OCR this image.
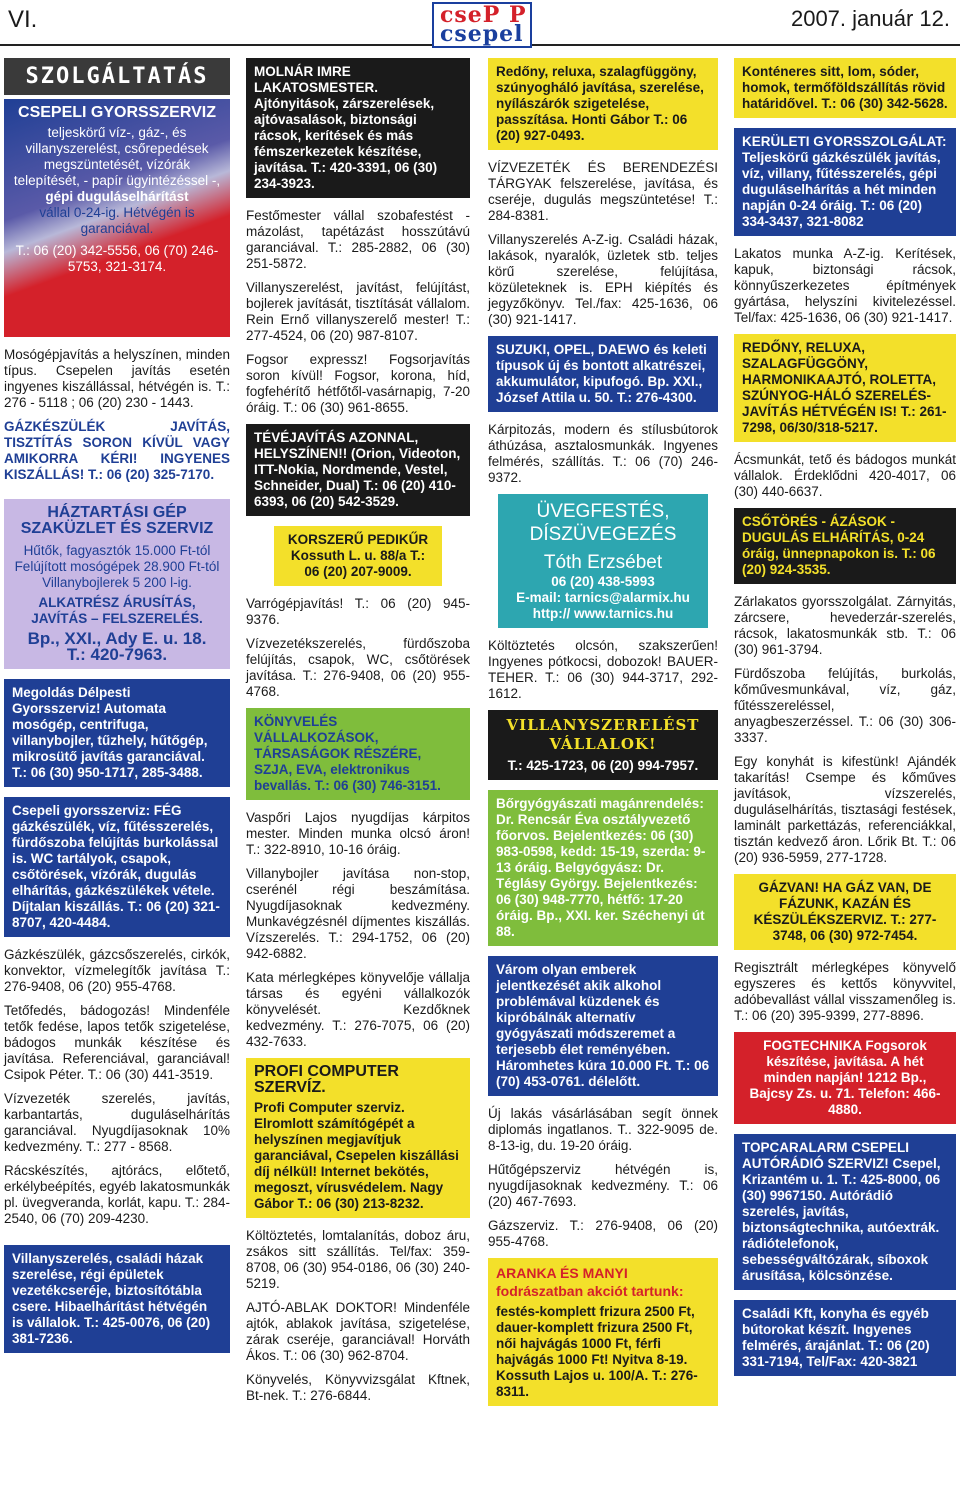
VI.	cseP P
csepel
2007. január 12.
SZOLGÁLTATÁS
CSEPELI GYORSSZERVIZ
teljeskörű víz-, gáz-, és villanyszerelést, csőrepedések megszüntetését, vízórák telepítését, - papír ügyintézéssel -,
gépi duguláselhárítást
vállal 0-24-ig. Hétvégén is garanciával.
T.: 06 (20) 342-5556, 06 (70) 246-5753, 321-3174.
Mosógépjavítás a helyszínen, minden típus. Csepelen javítás esetén ingyenes kiszállással, hétvégén is. T.: 276 - 5118 ; 06 (20) 230 - 1443.
GÁZKÉSZÜLÉK JAVÍTÁS, TISZTÍTÁS SORON KÍVÜL VAGY AMIKORRA KÉRI! INGYENES KISZÁLLÁS! T.: 06 (20) 325-7170.
HÁZTARTÁSI GÉP SZAKÜZLET ÉS SZERVIZ
Hűtők, fagyasztók 15.000 Ft-tól
Felújított mosógépek 28.900 Ft-tól
Villanybojlerek 5 200 l-ig.
ALKATRÉSZ ÁRUSÍTÁS, JAVÍTÁS – FELSZERELÉS.
Bp., XXI., Ady E. u. 18.
T.: 420-7963.
Megoldás Délpesti Gyorsszerviz! Automata mosógép, centrifuga, villanybojler, tűzhely, hűtőgép, mikrosütő javítás garanciával. T.: 06 (30) 950-1717, 285-3488.
Csepeli gyorsszerviz: FÉG gázkészülék, víz, fűtésszerelés, fürdőszoba felújítás burkolással is. WC tartályok, csapok, csőtörések, vízórák, dugulás elhárítás, gázkészülékek vétele. Díjtalan kiszállás. T.: 06 (20) 321-8707, 420-4484.
Gázkészülék, gázcsőszerelés, cirkók, konvektor, vízmelegítők javítása T.: 276-9408, 06 (20) 955-4768.
Tetőfedés, bádogozás! Mindenféle tetők fedése, lapos tetők szigetelése, bádogos munkák készítése és javítása. Referenciával, garanciával! Csipok Péter. T.: 06 (30) 441-3519.
Vízvezeték szerelés, javítás, karbantartás, duguláselhárítás garanciával. Nyugdíjasoknak 10% kedvezmény. T.: 277 - 8568.
Rácskészítés, ajtórács, előtető, erkélybeépítés, egyéb lakatosmunkák pl. üvegveranda, korlát, kapu. T.: 284-2540, 06 (70) 209-4230.
Villanyszerelés, családi házak szerelése, régi épületek vezetékcseréje, biztosítótábla csere. Hibaelhárítást hétvégén is vállalok. T.: 425-0076, 06 (20) 381-7236.
MOLNÁR IMRE LAKATOSMESTER. Ajtónyitások, zárszerelések, ajtóvasalások, biztonsági rácsok, kerítések és más fémszerkezetek készítése, javítása. T.: 420-3391, 06 (30) 234-3923.
Festőmester vállal szobafestést - mázolást, tapétázást hosszútávú garanciával. T.: 285-2882, 06 (30) 251-5872.
Villanyszerelést, javítást, felújítást, bojlerek javítását, tisztítását vállalom. Rein Ernő villanyszerelő mester! T.: 277-4524, 06 (20) 987-8107.
Fogsor expressz! Fogsorjavítás soron kívül! Fogsor, korona, híd, fogfehérítő hétfőtől-vasárnapig, 7-20 óráig. T.: 06 (30) 961-8655.
TÉVÉJAVÍTÁS AZONNAL, HELYSZÍNEN!! (Orion, Videoton, ITT-Nokia, Nordmende, Vestel, Schneider, Dual) T.: 06 (20) 410-6393, 06 (20) 542-3529.
KORSZERŰ PEDIKŰR Kossuth L. u. 88/a T.: 06 (20) 207-9009.
Varrógépjavítás! T.: 06 (20) 945-9376.
Vízvezetékszerelés, fürdőszoba felújítás, csapok, WC, csőtörések javítása. T.: 276-9408, 06 (20) 955-4768.
KÖNYVELÉS VÁLLALKOZÁSOK, TÁRSASÁGOK RÉSZÉRE, SZJA, EVA, elektronikus bevallás. T.: 06 (30) 746-3151.
Vaspőri Lajos nyugdíjas kárpitos mester. Minden munka olcsó áron! T.: 322-8910, 10-16 óráig.
Villanybojler javítása non-stop, cserénél régi beszámítása. Nyugdíjasoknak kedvezmény. Munkavégzésnél díjmentes kiszállás. Vízszerelés. T.: 294-1752, 06 (20) 942-6882.
Kata mérlegképes könyvelője vállalja társas és egyéni vállalkozók könyvelését. Kezdőknek kedvezmény. T.: 276-7075, 06 (20) 432-7633.
PROFI COMPUTER SZERVÍZ.
Profi Computer szerviz. Elromlott számítógépét a helyszínen megjavítjuk garanciával, Csepelen kiszállási díj nélkül! Internet bekötés, megoszt, vírusvédelem. Nagy Gábor T.: 06 (30) 213-8232.
Költöztetés, lomtalanítás, doboz áru, zsákos sitt szállítás. Tel/fax: 359-8708, 06 (30) 954-0186, 06 (30) 240-5219.
AJTÓ-ABLAK DOKTOR! Mindenféle ajtók, ablakok javítása, szigetelése, zárak cseréje, garanciával! Horváth Ákos. T.: 06 (30) 962-8704.
Könyvelés, Könyvvizsgálat Kftnek, Bt-nek. T.: 276-6844.
Redőny, reluxa, szalagfüggöny, szúnyogháló javítása, szerelése, nyílászárók szigetelése, passzítása. Honti Gábor T.: 06 (20) 927-0493.
VÍZVEZETÉK ÉS BERENDEZÉSI TÁRGYAK felszerelése, javítása, és cseréje, dugulás megszüntetése! T.: 284-8381.
Villanyszerelés A-Z-ig. Családi házak, lakások, nyaralók, üzletek stb. teljes körű szerelése, felújítása, közületeknek is. EPH kiépítés és jegyzőkönyv. Tel./fax: 425-1636, 06 (30) 921-1417.
SUZUKI, OPEL, DAEWO és keleti típusok új és bontott alkatrészei, akkumulátor, kipufogó. Bp. XXI., József Attila u. 50. T.: 276-4300.
Kárpitozás, modern és stílusbútorok áthúzása, asztalosmunkák. Ingyenes felmérés, szállítás. T.: 06 (70) 246-9372.
ÜVEGFESTÉS, DÍSZÜVEGEZÉS
Tóth Erzsébet
06 (20) 438-5993
E-mail: tarnics@alarmix.hu
http:// www.tarnics.hu
Költöztetés olcsón, szakszerűen! Ingyenes pótkocsi, dobozok! BAUER-TEHER. T.: 06 (30) 944-3717, 292-1612.
VILLANYSZERELÉST VÁLLALOK!
T.: 425-1723, 06 (20) 994-7957.
Bőrgyógyászati magánrendelés: Dr. Rencsár Éva osztályvezető főorvos. Bejelentkezés: 06 (30) 983-0598, kedd: 15-19, szerda: 9-13 óráig. Belgyógyász: Dr. Téglásy György. Bejelentkezés: 06 (30) 948-7770, hétfő: 17-20 óráig. Bp., XXI. ker. Széchenyi út 88.
Várom olyan emberek jelentkezését akik alkohol problémával küzdenek és kipróbálnák alternatív gyógyászati módszeremet a terjesebb élet reményében. Háromhetes kúra 10.000 Ft. T.: 06 (70) 453-0761. délelőtt.
Új lakás vásárlásában segít önnek diplomás ingatlanos. T.. 322-9095 de. 8-13-ig, du. 19-20 óráig.
Hűtőgépszerviz hétvégén is, nyugdíjasoknak kedvezmény. T.: 06 (20) 467-7693.
Gázszerviz. T.: 276-9408, 06 (20) 955-4768.
ARANKA ÉS MANYI fodrászatban akciót tartunk:
festés-komplett frizura 2500 Ft, dauer-komplett frizura 2500 Ft, női hajvágás 1000 Ft, férfi hajvágás 1000 Ft! Nyitva 8-19. Kossuth Lajos u. 100/A. T.: 276-8311.
Konténeres sitt, lom, sóder, homok, termőföldszállítás rövid határidővel. T.: 06 (30) 342-5628.
KERÜLETI GYORSSZOLGÁLAT: Teljeskörű gázkészülék javítás, víz, villany, fűtésszerelés, gépi duguláselhárítás a hét minden napján 0-24 óráig. T.: 06 (20) 334-3437, 321-8082
Lakatos munka A-Z-ig. Kerítések, kapuk, biztonsági rácsok, könnyűszerkezetes építmények gyártása, helyszíni kivitelezéssel. Tel/fax: 425-1636, 06 (30) 921-1417.
REDŐNY, RELUXA, SZALAGFÜGGÖNY, HARMONIKAAJTÓ, ROLETTA, SZÚNYOG-HÁLÓ SZERELÉS-JAVÍTÁS HÉTVÉGÉN IS! T.: 261-7298, 06/30/318-5217.
Ácsmunkát, tető és bádogos munkát vállalok. Érdeklődni 420-4017, 06 (30) 440-6637.
CSŐTÖRÉS - ÁZÁSOK - DUGULÁS ELHÁRÍTÁS, 0-24 óráig, ünnepnapokon is. T.: 06 (20) 924-3535.
Zárlakatos gyorsszolgálat. Zárnyitás, zárcsere, hevederzár-szerelés, rácsok, lakatosmunkák stb. T.: 06 (30) 961-3794.
Fürdőszoba felújítás, burkolás, kőművesmunkával, víz, gáz, fűtésszereléssel, anyagbeszerzéssel. T.: 06 (30) 306-3337.
Egy konyhát is kifestünk! Ajándék takarítás! Csempe és kőműves javítások, vízszerelés, duguláselhárítás, tisztasági festések, laminált parkettázás, referenciákkal, tisztán kedvező áron. Lőrik Bt. T.: 06 (20) 936-5959, 277-1728.
GÁZVAN! HA GÁZ VAN, DE FÁZUNK, KAZÁN ÉS KÉSZÜLÉKSZERVIZ. T.: 277-3748, 06 (30) 972-7454.
Regisztrált mérlegképes könyvelő egyszeres és kettős könyvvitel, adóbevallást vállal visszamenőleg is. T.: 06 (20) 395-9399, 277-8896.
FOGTECHNIKA Fogsorok készítése, javítása. A hét minden napján! 1212 Bp., Bajcsy Zs. u. 71. Telefon: 466-4880.
TOPCARALARM CSEPELI AUTÓRÁDIÓ SZERVIZ! Csepel, Krizantém u. 1. T.: 425-8000, 06 (30) 9967150. Autórádió szerelés, javítás, biztonságtechnika, autóextrák. rádiótelefonok, sebességváltózárak, síboxok árusítása, kölcsönzése.
Családi Kft, konyha és egyéb bútorokat készít. Ingyenes felmérés, árajánlat. T.: 06 (20) 331-7194, Tel/Fax: 420-3821
